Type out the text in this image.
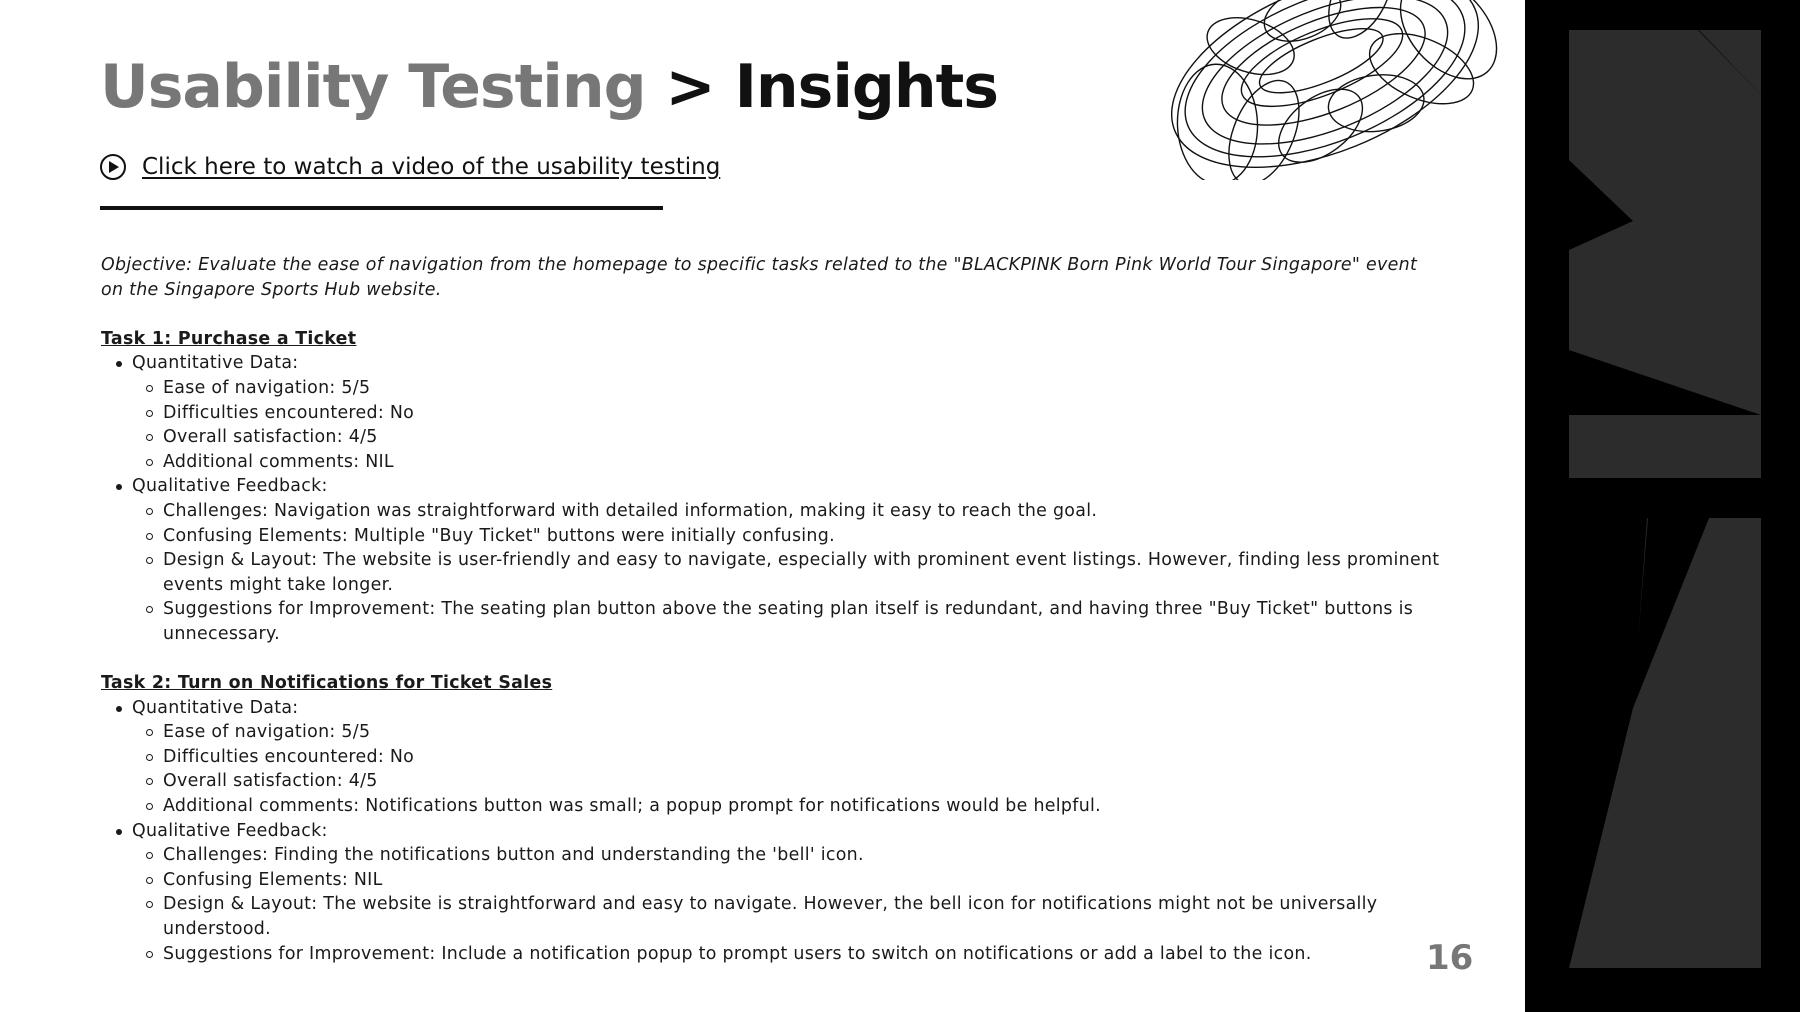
Usability Testing > Insights
Click here to watch a video of the usability testing

Objective: Evaluate the ease of navigation from the homepage to specific tasks related to the "BLACKPINK Born Pink World Tour Singapore" event on the Singapore Sports Hub website.

Task 1: Purchase a Ticket

Quantitative Data:
Ease of navigation: 5/5
Difficulties encountered: No
Overall satisfaction: 4/5
Additional comments: NIL
Qualitative Feedback:
Challenges: Navigation was straightforward with detailed information, making it easy to reach the goal.
Confusing Elements: Multiple "Buy Ticket" buttons were initially confusing.
Design & Layout: The website is user-friendly and easy to navigate, especially with prominent event listings. However, finding less prominent events might take longer.
Suggestions for Improvement: The seating plan button above the seating plan itself is redundant, and having three "Buy Ticket" buttons is unnecessary.

Task 2: Turn on Notifications for Ticket Sales

Quantitative Data:
Ease of navigation: 5/5
Difficulties encountered: No
Overall satisfaction: 4/5
Additional comments: Notifications button was small; a popup prompt for notifications would be helpful.
Qualitative Feedback:
Challenges: Finding the notifications button and understanding the 'bell' icon.
Confusing Elements: NIL
Design & Layout: The website is straightforward and easy to navigate. However, the bell icon for notifications might not be universally understood.
Suggestions for Improvement: Include a notification popup to prompt users to switch on notifications or add a label to the icon.	16
